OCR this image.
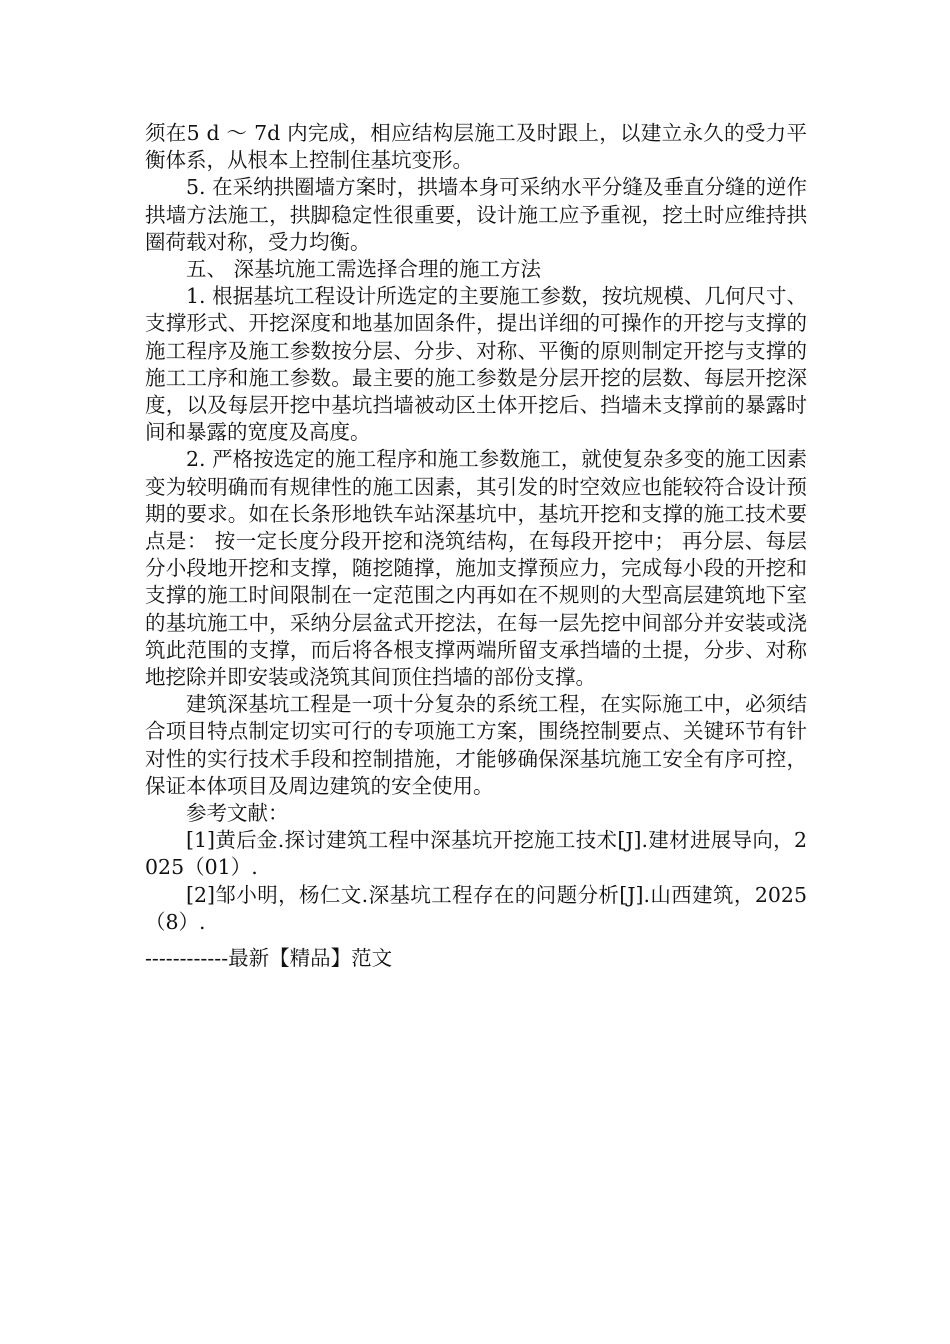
须在5 d ～ 7d 内完成，相应结构层施工及时跟上，以建立永久的受力平衡体系，从根本上控制住基坑变形。

5. 在采纳拱圈墙方案时，拱墙本身可采纳水平分缝及垂直分缝的逆作拱墙方法施工，拱脚稳定性很重要，设计施工应予重视，挖土时应维持拱圈荷载对称，受力均衡。

五、 深基坑施工需选择合理的施工方法

1. 根据基坑工程设计所选定的主要施工参数，按坑规模、几何尺寸、支撑形式、开挖深度和地基加固条件，提出详细的可操作的开挖与支撑的施工程序及施工参数按分层、分步、对称、平衡的原则制定开挖与支撑的施工工序和施工参数。最主要的施工参数是分层开挖的层数、每层开挖深度，以及每层开挖中基坑挡墙被动区土体开挖后、挡墙未支撑前的暴露时间和暴露的宽度及高度。

2. 严格按选定的施工程序和施工参数施工，就使复杂多变的施工因素变为较明确而有规律性的施工因素，其引发的时空效应也能较符合设计预期的要求。如在长条形地铁车站深基坑中，基坑开挖和支撑的施工技术要点是： 按一定长度分段开挖和浇筑结构，在每段开挖中； 再分层、每层分小段地开挖和支撑，随挖随撑，施加支撑预应力，完成每小段的开挖和支撑的施工时间限制在一定范围之内再如在不规则的大型高层建筑地下室的基坑施工中，采纳分层盆式开挖法，在每一层先挖中间部分并安装或浇筑此范围的支撑，而后将各根支撑两端所留支承挡墙的土提，分步、对称地挖除并即安装或浇筑其间顶住挡墙的部份支撑。

建筑深基坑工程是一项十分复杂的系统工程，在实际施工中，必须结合项目特点制定切实可行的专项施工方案，围绕控制要点、关键环节有针对性的实行技术手段和控制措施，才能够确保深基坑施工安全有序可控，保证本体项目及周边建筑的安全使用。

参考文献：

[1]黄后金.探讨建筑工程中深基坑开挖施工技术[J].建材进展导向，2025（01）.

[2]邹小明，杨仁文.深基坑工程存在的问题分析[J].山西建筑，2025（8）.

------------最新【精品】范文
